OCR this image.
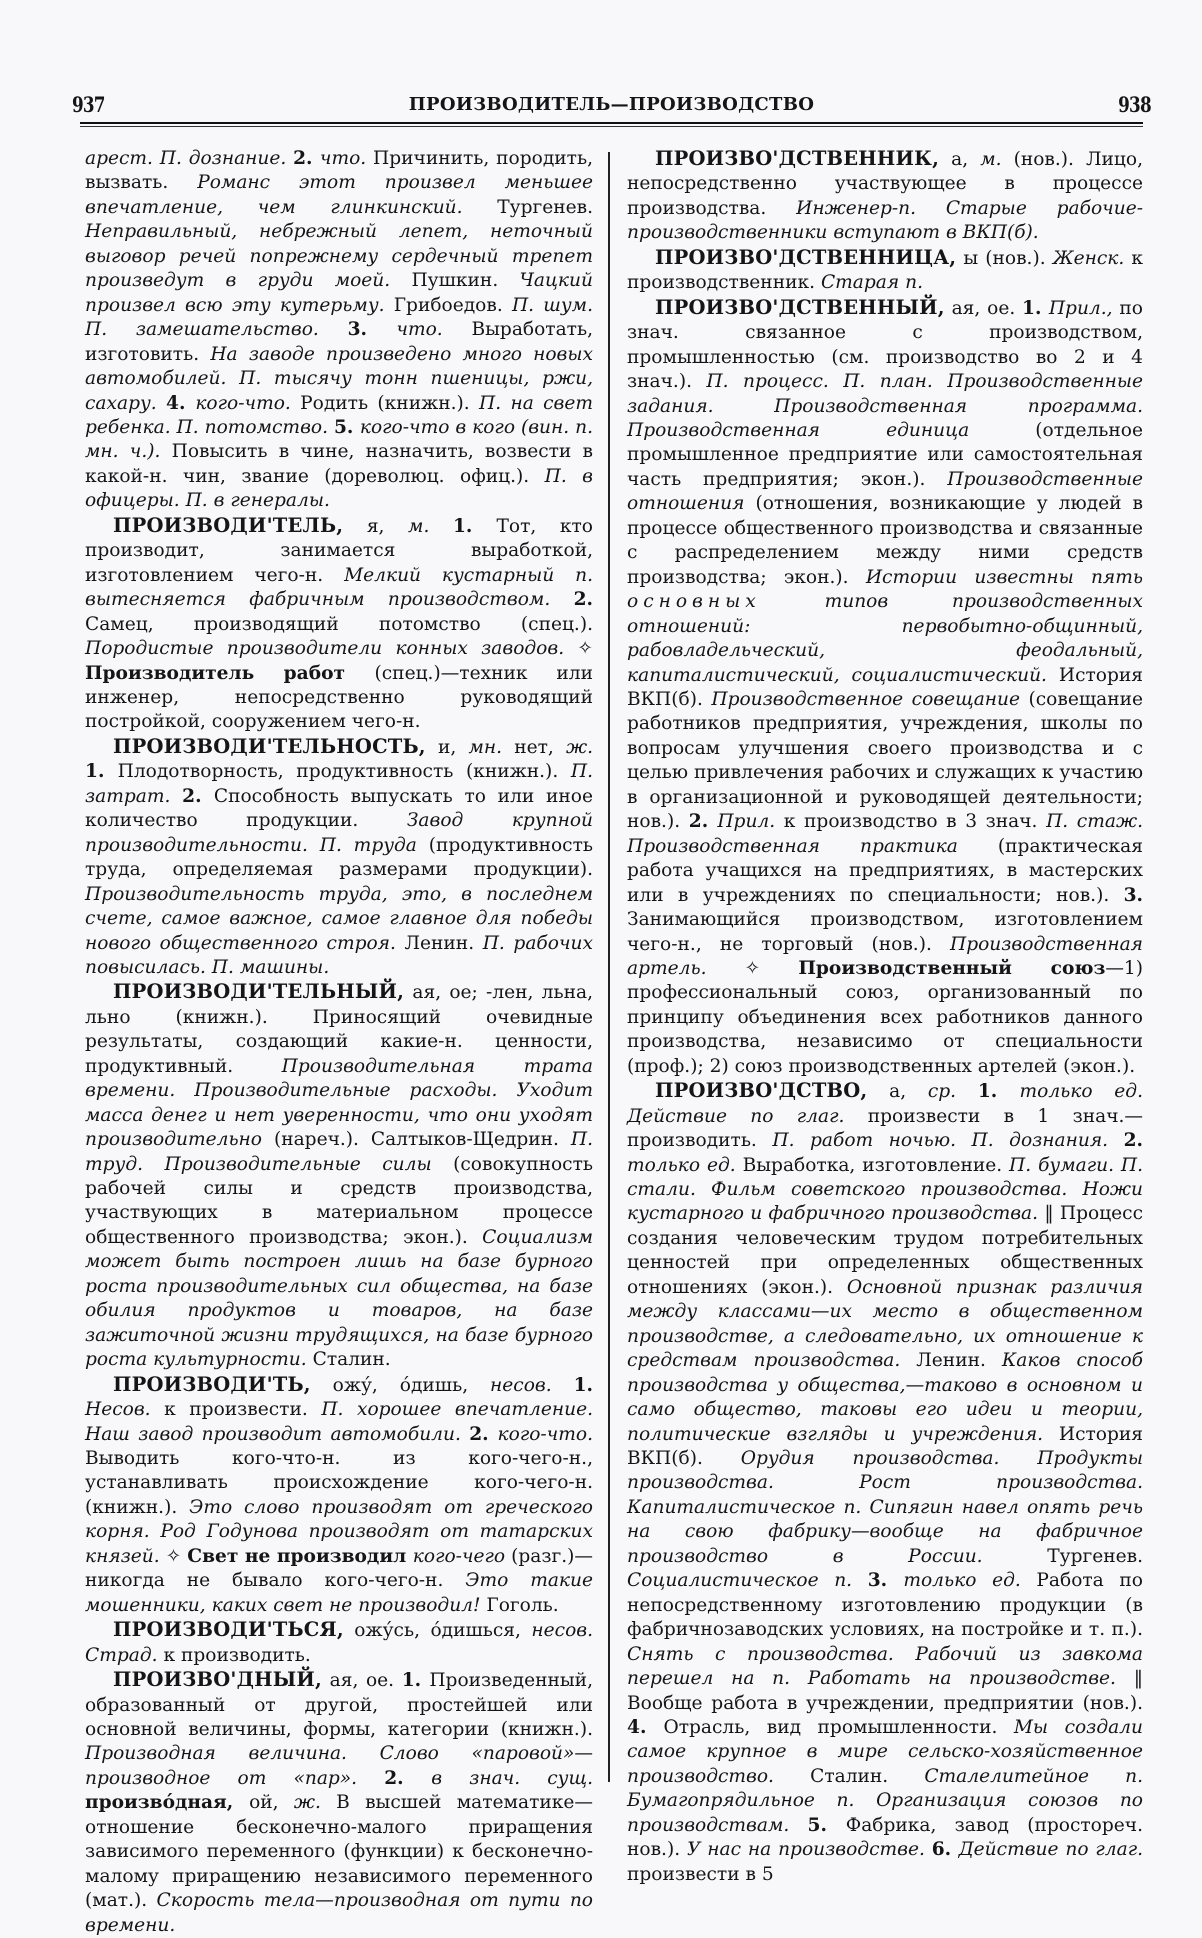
937	ПРОИЗВОДИТЕЛЬ—ПРОИЗВОДСТВО	938

арест. П. дознание. 2. что. Причинить, породить, вызвать. Романс этот произвел меньшее впечатление, чем глинкинский. Тургенев. Неправильный, небрежный лепет, неточный выговор речей попрежнему сердечный трепет произведут в груди моей. Пушкин. Чацкий произвел всю эту кутерьму. Грибоедов. П. шум. П. замешательство. 3. что. Выработать, изготовить. На заводе произведено много новых автомобилей. П. тысячу тонн пшеницы, ржи, сахару. 4. кого-что. Родить (книжн.). П. на свет ребенка. П. потомство. 5. кого-что в кого (вин. п. мн. ч.). Повысить в чине, назначить, возвести в какой-н. чин, звание (дореволюц. офиц.). П. в офицеры. П. в генералы.

ПРОИЗВОДИ'ТЕЛЬ, я, м. 1. Тот, кто производит, занимается выработкой, изготовлением чего-н. Мелкий кустарный п. вытесняется фабричным производством. 2. Самец, производящий потомство (спец.). Породистые производители конных заводов. ✧ Производитель работ (спец.)—техник или инженер, непосредственно руководящий постройкой, сооружением чего-н.

ПРОИЗВОДИ'ТЕЛЬНОСТЬ, и, мн. нет, ж. 1. Плодотворность, продуктивность (книжн.). П. затрат. 2. Способность выпускать то или иное количество продукции. Завод крупной производительности. П. труда (продуктивность труда, определяемая размерами продукции). Производительность труда, это, в последнем счете, самое важное, самое главное для победы нового общественного строя. Ленин. П. рабочих повысилась. П. машины.

ПРОИЗВОДИ'ТЕЛЬНЫЙ, ая, ое; -лен, льна, льно (книжн.). Приносящий очевидные результаты, создающий какие-н. ценности, продуктивный. Производительная трата времени. Производительные расходы. Уходит масса денег и нет уверенности, что они уходят производительно (нареч.). Салтыков-Щедрин. П. труд. Производительные силы (совокупность рабочей силы и средств производства, участвующих в материальном процессе общественного производства; экон.). Социализм может быть построен лишь на базе бурного роста производительных сил общества, на базе обилия продуктов и товаров, на базе зажиточной жизни трудящихся, на базе бурного роста культурности. Сталин.

ПРОИЗВОДИ'ТЬ, ожу́, о́дишь, несов. 1. Несов. к произвести. П. хорошее впечатление. Наш завод производит автомобили. 2. кого-что. Выводить кого-что-н. из кого-чего-н., устанавливать происхождение кого-чего-н. (книжн.). Это слово производят от греческого корня. Род Годунова производят от татарских князей. ✧ Свет не производил кого-чего (разг.)—никогда не бывало кого-чего-н. Это такие мошенники, каких свет не производил! Гоголь.

ПРОИЗВОДИ'ТЬСЯ, ожу́сь, о́дишься, несов. Страд. к производить.

ПРОИЗВО'ДНЫЙ, ая, ое. 1. Произведенный, образованный от другой, простейшей или основной величины, формы, категории (книжн.). Производная величина. Слово «паровой»—производное от «пар». 2. в знач. сущ. произво́дная, ой, ж. В высшей математике—отношение бесконечно-малого приращения зависимого переменного (функции) к бесконечно-малому приращению независимого переменного (мат.). Скорость тела—производная от пути по времени.

ПРОИЗВО'ДСТВЕННИК, а, м. (нов.). Лицо, непосредственно участвующее в процессе производства. Инженер-п. Старые рабочие-производственники вступают в ВКП(б).

ПРОИЗВО'ДСТВЕННИЦА, ы (нов.). Женск. к производственник. Старая п.

ПРОИЗВО'ДСТВЕННЫЙ, ая, ое. 1. Прил., по знач. связанное с производством, промышленностью (см. производство во 2 и 4 знач.). П. процесс. П. план. Производственные задания. Производственная программа. Производственная единица (отдельное промышленное предприятие или самостоятельная часть предприятия; экон.). Производственные отношения (отношения, возникающие у людей в процессе общественного производства и связанные с распределением между ними средств производства; экон.). Истории известны пять основных типов производственных отношений: первобытно-общинный, рабовладельческий, феодальный, капиталистический, социалистический. История ВКП(б). Производственное совещание (совещание работников предприятия, учреждения, школы по вопросам улучшения своего производства и с целью привлечения рабочих и служащих к участию в организационной и руководящей деятельности; нов.). 2. Прил. к производство в 3 знач. П. стаж. Производственная практика (практическая работа учащихся на предприятиях, в мастерских или в учреждениях по специальности; нов.). 3. Занимающийся производством, изготовлением чего-н., не торговый (нов.). Производственная артель. ✧ Производственный союз—1) профессиональный союз, организованный по принципу объединения всех работников данного производства, независимо от специальности (проф.); 2) союз производственных артелей (экон.).

ПРОИЗВО'ДСТВО, а, ср. 1. только ед. Действие по глаг. произвести в 1 знач.—производить. П. работ ночью. П. дознания. 2. только ед. Выработка, изготовление. П. бумаги. П. стали. Фильм советского производства. Ножи кустарного и фабричного производства. ‖ Процесс создания человеческим трудом потребительных ценностей при определенных общественных отношениях (экон.). Основной признак различия между классами—их место в общественном производстве, а следовательно, их отношение к средствам производства. Ленин. Каков способ производства у общества,—таково в основном и само общество, таковы его идеи и теории, политические взгляды и учреждения. История ВКП(б). Орудия производства. Продукты производства. Рост производства. Капиталистическое п. Сипягин навел опять речь на свою фабрику—вообще на фабричное производство в России. Тургенев. Социалистическое п. 3. только ед. Работа по непосредственному изготовлению продукции (в фабричнозаводских условиях, на постройке и т. п.). Снять с производства. Рабочий из завкома перешел на п. Работать на производстве. ‖ Вообще работа в учреждении, предприятии (нов.). 4. Отрасль, вид промышленности. Мы создали самое крупное в мире сельско-хозяйственное производство. Сталин. Сталелитейное п. Бумагопрядильное п. Организация союзов по производствам. 5. Фабрика, завод (простореч. нов.). У нас на производстве. 6. Действие по глаг. произвести в 5
